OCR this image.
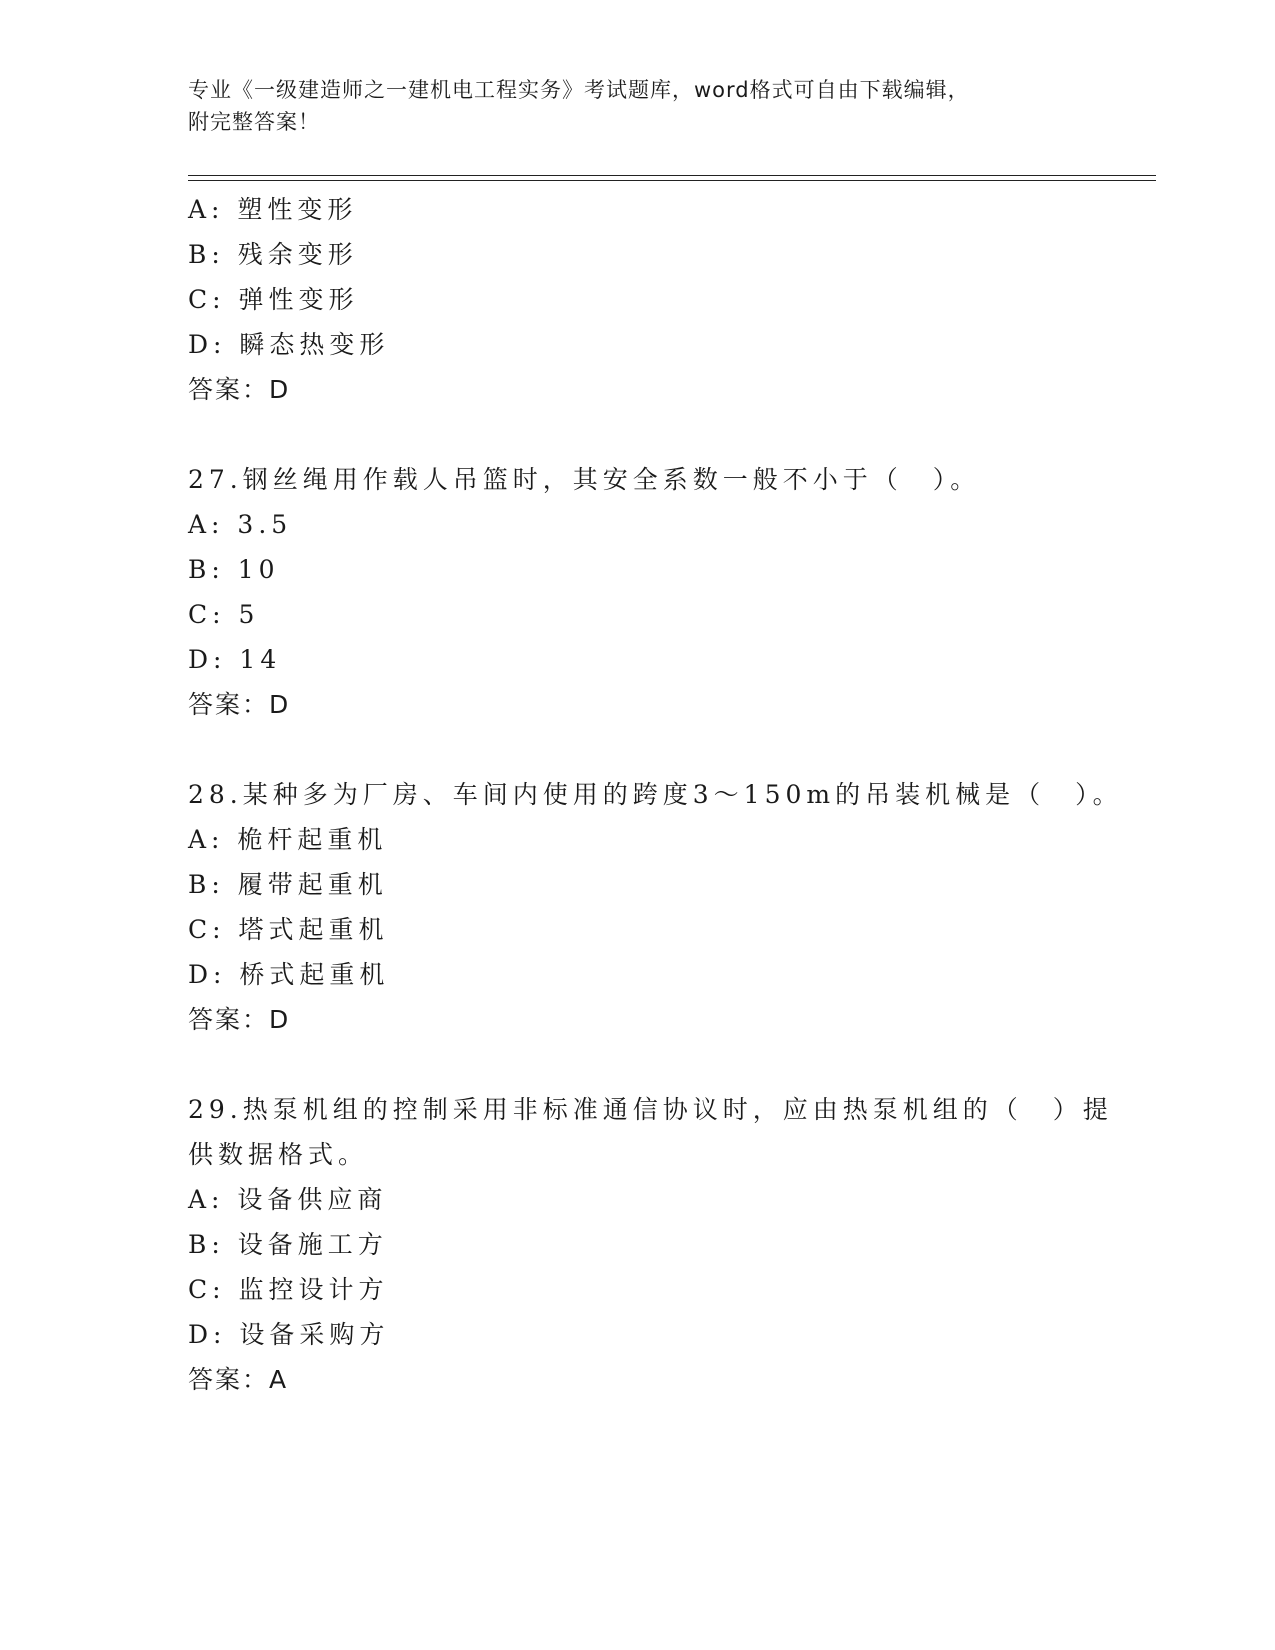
专业《一级建造师之一建机电工程实务》考试题库，word格式可自由下载编辑，
附完整答案！
A: 塑性变形
B: 残余变形
C: 弹性变形
D: 瞬态热变形
答案：D
27.钢丝绳用作载人吊篮时，其安全系数一般不小于（　）。
A: 3.5
B: 10
C: 5
D: 14
答案：D
28.某种多为厂房、车间内使用的跨度3～150m的吊装机械是（　）。
A: 桅杆起重机
B: 履带起重机
C: 塔式起重机
D: 桥式起重机
答案：D
29.热泵机组的控制采用非标准通信协议时，应由热泵机组的（　）提
供数据格式。
A: 设备供应商
B: 设备施工方
C: 监控设计方
D: 设备采购方
答案：A
